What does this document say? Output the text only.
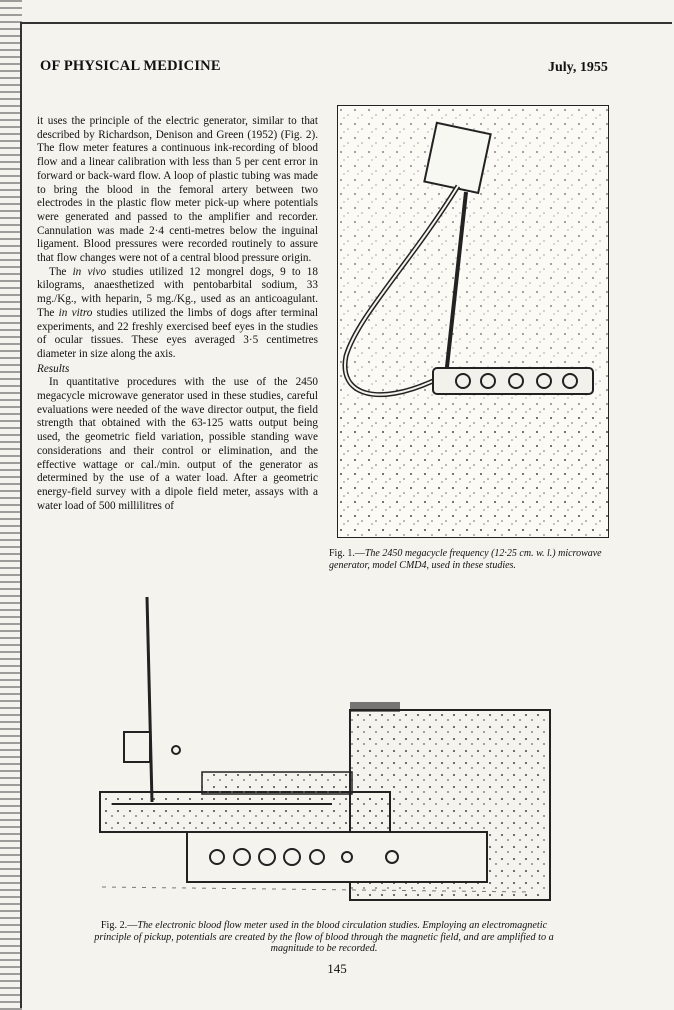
OF PHYSICAL MEDICINE	July, 1955

it uses the principle of the electric generator, similar to that described by Richardson, Denison and Green (1952) (Fig. 2). The flow meter features a continuous ink-recording of blood flow and a linear calibration with less than 5 per cent error in forward or back-ward flow. A loop of plastic tubing was made to bring the blood in the femoral artery between two electrodes in the plastic flow meter pick-up where potentials were generated and passed to the amplifier and recorder. Cannulation was made 2·4 centi-metres below the inguinal ligament. Blood pressures were recorded routinely to assure that flow changes were not of a central blood pressure origin.

The in vivo studies utilized 12 mongrel dogs, 9 to 18 kilograms, anaesthetized with pentobarbital sodium, 33 mg./Kg., with heparin, 5 mg./Kg., used as an anticoagulant. The in vitro studies utilized the limbs of dogs after terminal experiments, and 22 freshly exercised beef eyes in the studies of ocular tissues. These eyes averaged 3·5 centimetres diameter in size along the axis.

Results

In quantitative procedures with the use of the 2450 megacycle microwave generator used in these studies, careful evaluations were needed of the wave director output, the field strength that obtained with the 63-125 watts output being used, the geometric field variation, possible standing wave considerations and their control or elimination, and the effective wattage or cal./min. output of the generator as determined by the use of a water load. After a geometric energy-field survey with a dipole field meter, assays with a water load of 500 millilitres of

Fig. 1.—The 2450 megacycle frequency (12·25 cm. w. l.) microwave generator, model CMD4, used in these studies.
Fig. 2.—The electronic blood flow meter used in the blood circulation studies. Employing an electromagnetic principle of pickup, potentials are created by the flow of blood through the magnetic field, and are amplified to a magnitude to be recorded.
145
